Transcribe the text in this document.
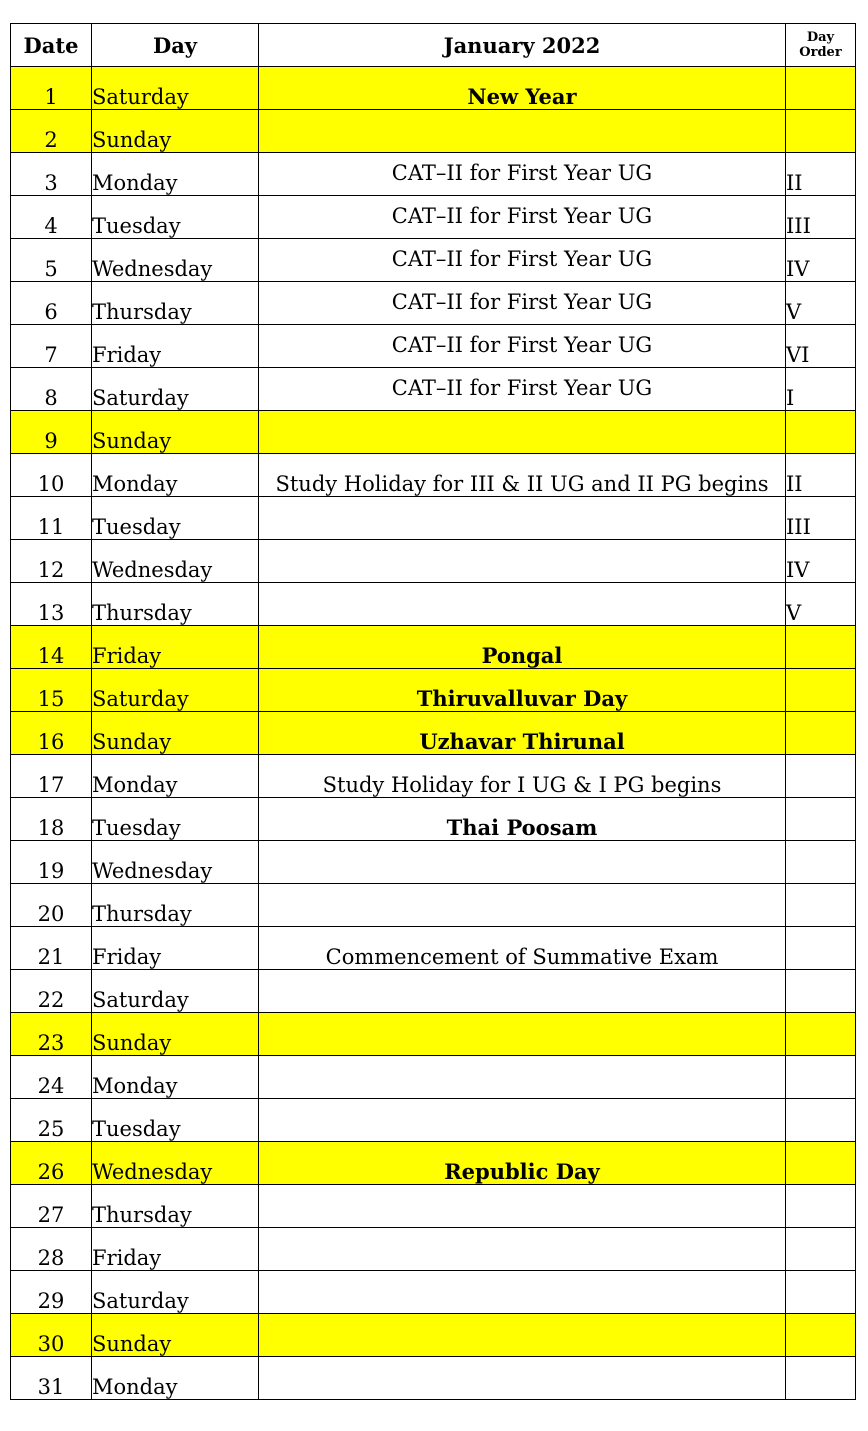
Date	Day	January 2022	Day
Order

1	Saturday	New Year	
2	Sunday		
3	Monday	CAT–II for First Year UG	II
4	Tuesday	CAT–II for First Year UG	III
5	Wednesday	CAT–II for First Year UG	IV
6	Thursday	CAT–II for First Year UG	V
7	Friday	CAT–II for First Year UG	VI
8	Saturday	CAT–II for First Year UG	I
9	Sunday		
10	Monday	Study Holiday for III & II UG and II PG begins	II
11	Tuesday		III
12	Wednesday		IV
13	Thursday		V
14	Friday	Pongal	
15	Saturday	Thiruvalluvar Day	
16	Sunday	Uzhavar Thirunal	
17	Monday	Study Holiday for I UG & I PG begins	
18	Tuesday	Thai Poosam	
19	Wednesday		
20	Thursday		
21	Friday	Commencement of Summative Exam	
22	Saturday		
23	Sunday		
24	Monday		
25	Tuesday		
26	Wednesday	Republic Day	
27	Thursday		
28	Friday		
29	Saturday		
30	Sunday		
31	Monday		
